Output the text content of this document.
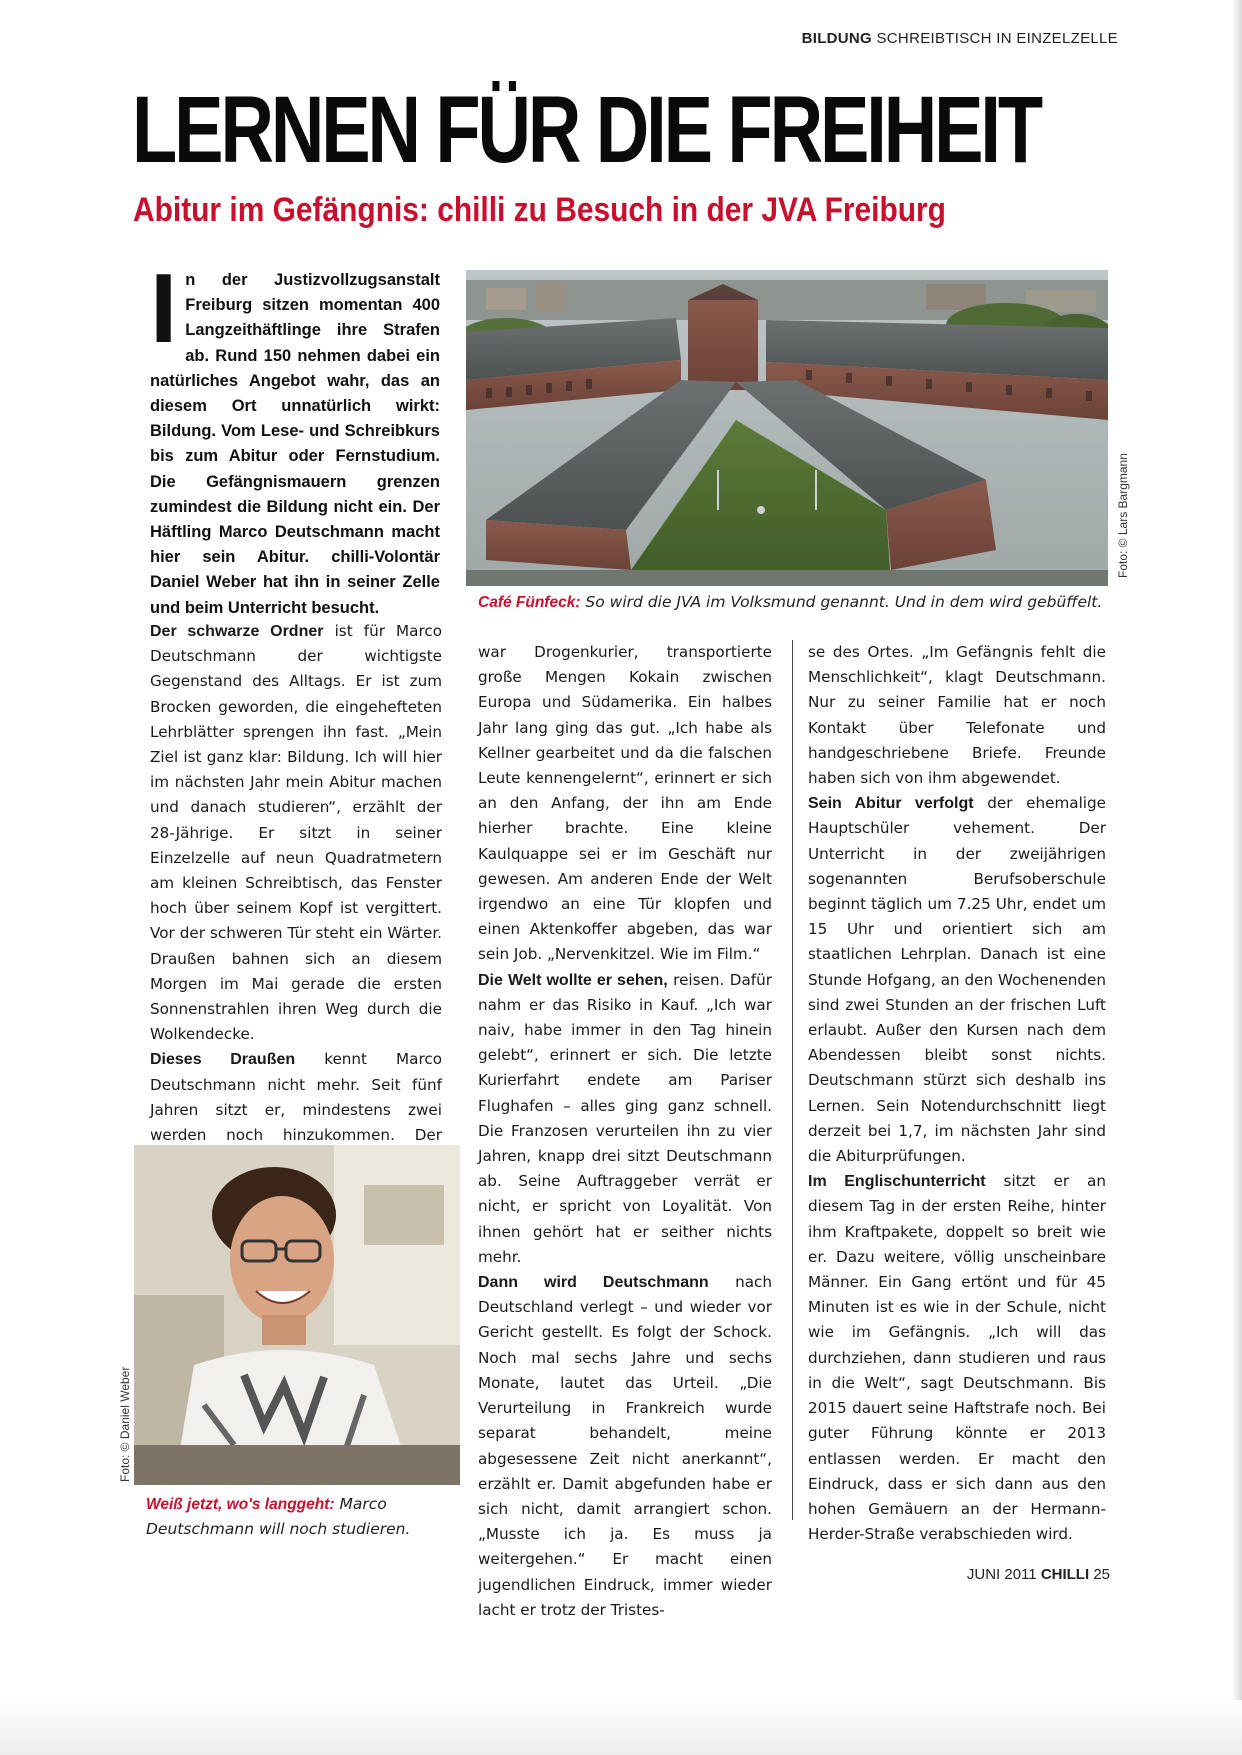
BILDUNG SCHREIBTISCH IN EINZELZELLE
LERNEN FÜR DIE FREIHEIT
Abitur im Gefängnis: chilli zu Besuch in der JVA Freiburg
I n der Justizvollzugsanstalt Freiburg sitzen momentan 400 Langzeithäftlinge ihre Strafen ab. Rund 150 nehmen dabei ein natürliches Angebot wahr, das an diesem Ort unnatürlich wirkt: Bildung. Vom Lese- und Schreibkurs bis zum Abitur oder Fernstudium. Die Gefängnismauern grenzen zumindest die Bildung nicht ein. Der Häftling Marco Deutschmann macht hier sein Abitur. chilli-Volontär Daniel Weber hat ihn in seiner Zelle und beim Unterricht besucht.
Foto: © Lars Bargmann
Café Fünfeck: So wird die JVA im Volksmund genannt. Und in dem wird gebüffelt.

Der schwarze Ordner ist für Marco Deutschmann der wichtigste Gegenstand des Alltags. Er ist zum Brocken geworden, die eingehefteten Lehrblätter sprengen ihn fast. „Mein Ziel ist ganz klar: Bildung. Ich will hier im nächsten Jahr mein Abitur machen und danach studieren“, erzählt der 28-Jährige. Er sitzt in seiner Einzelzelle auf neun Quadratmetern am kleinen Schreibtisch, das Fenster hoch über seinem Kopf ist vergittert. Vor der schweren Tür steht ein Wärter. Draußen bahnen sich an diesem Morgen im Mai gerade die ersten Sonnenstrahlen ihren Weg durch die Wolkendecke.

Dieses Draußen kennt Marco Deutschmann nicht mehr. Seit fünf Jahren sitzt er, mindestens zwei werden noch hinzukommen. Der

Foto: © Daniel Weber
Weiß jetzt, wo's langgeht: Marco Deutschmann will noch studieren.

war Drogenkurier, transportierte große Mengen Kokain zwischen Europa und Südamerika. Ein halbes Jahr lang ging das gut. „Ich habe als Kellner gearbeitet und da die falschen Leute kennengelernt“, erinnert er sich an den Anfang, der ihn am Ende hierher brachte. Eine kleine Kaulquappe sei er im Geschäft nur gewesen. Am anderen Ende der Welt irgendwo an eine Tür klopfen und einen Aktenkoffer abgeben, das war sein Job. „Nervenkitzel. Wie im Film.“

Die Welt wollte er sehen, reisen. Dafür nahm er das Risiko in Kauf. „Ich war naiv, habe immer in den Tag hinein gelebt“, erinnert er sich. Die letzte Kurierfahrt endete am Pariser Flughafen – alles ging ganz schnell. Die Franzosen verurteilen ihn zu vier Jahren, knapp drei sitzt Deutschmann ab. Seine Auftraggeber verrät er nicht, er spricht von Loyalität. Von ihnen gehört hat er seither nichts mehr.

Dann wird Deutschmann nach Deutschland verlegt – und wieder vor Gericht gestellt. Es folgt der Schock. Noch mal sechs Jahre und sechs Monate, lautet das Urteil. „Die Verurteilung in Frankreich wurde separat behandelt, meine abgesessene Zeit nicht anerkannt“, erzählt er. Damit abgefunden habe er sich nicht, damit arrangiert schon. „Musste ich ja. Es muss ja weitergehen.“ Er macht einen jugendlichen Eindruck, immer wieder lacht er trotz der Tristes-

se des Ortes. „Im Gefängnis fehlt die Menschlichkeit“, klagt Deutschmann. Nur zu seiner Familie hat er noch Kontakt über Telefonate und handgeschriebene Briefe. Freunde haben sich von ihm abgewendet.

Sein Abitur verfolgt der ehemalige Hauptschüler vehement. Der Unterricht in der zweijährigen sogenannten Berufsoberschule beginnt täglich um 7.25 Uhr, endet um 15 Uhr und orientiert sich am staatlichen Lehrplan. Danach ist eine Stunde Hofgang, an den Wochenenden sind zwei Stunden an der frischen Luft erlaubt. Außer den Kursen nach dem Abendessen bleibt sonst nichts. Deutschmann stürzt sich deshalb ins Lernen. Sein Notendurchschnitt liegt derzeit bei 1,7, im nächsten Jahr sind die Abiturprüfungen.

Im Englischunterricht sitzt er an diesem Tag in der ersten Reihe, hinter ihm Kraftpakete, doppelt so breit wie er. Dazu weitere, völlig unscheinbare Männer. Ein Gang ertönt und für 45 Minuten ist es wie in der Schule, nicht wie im Gefängnis. „Ich will das durchziehen, dann studieren und raus in die Welt“, sagt Deutschmann. Bis 2015 dauert seine Haftstrafe noch. Bei guter Führung könnte er 2013 entlassen werden. Er macht den Eindruck, dass er sich dann aus den hohen Gemäuern an der Hermann-Herder-Straße verabschieden wird.

JUNI 2011 CHILLI 25
